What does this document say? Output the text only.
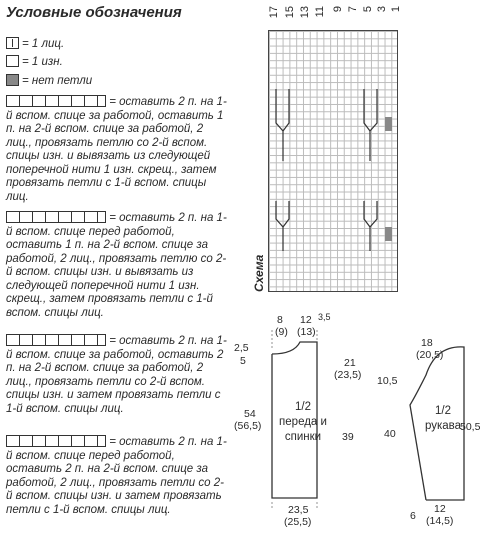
Условные обозначения
= 1 лиц.
= 1 изн.
= нет петли
= оставить 2 п. на 1-й вспом. спице за работой, оставить 1 п. на 2-й вспом. спице за работой, 2 лиц., провязать петлю со 2-й вспом. спицы изн. и вывязать из следующей поперечной нити 1 изн. скрещ., затем провязать петли с 1-й вспом. спицы лиц.
= оставить 2 п. на 1-й вспом. спице перед работой, оставить 1 п. на 2-й вспом. спице за работой, 2 лиц., провязать петлю со 2-й вспом. спицы изн. и вывязать из следующей поперечной нити 1 изн. скрещ., затем провязать петли с 1-й вспом. спицы лиц.
= оставить 2 п. на 1-й вспом. спице за работой, оставить 2 п. на 2-й вспом. спице за работой, 2 лиц., провязать петли со 2-й вспом. спицы изн. и затем провязать петли с 1-й вспом. спицы лиц.
= оставить 2 п. на 1-й вспом. спице перед работой, оставить 2 п. на 2-й вспом. спице за работой, 2 лиц., провязать петли со 2-й вспом. спицы изн. и затем провязать петли с 1-й вспом. спицы лиц.
17 15 13 11 9 7 5 3 1
Схема
8
(9)
12
(13)
3,5
2,5
5	21
(23,5)
54
(56,5)
39
1/2 переда и спинки
23,5
(25,5)
18
(20,5)
10,5
50,5
40
1/2 рукава
6
12
(14,5)
